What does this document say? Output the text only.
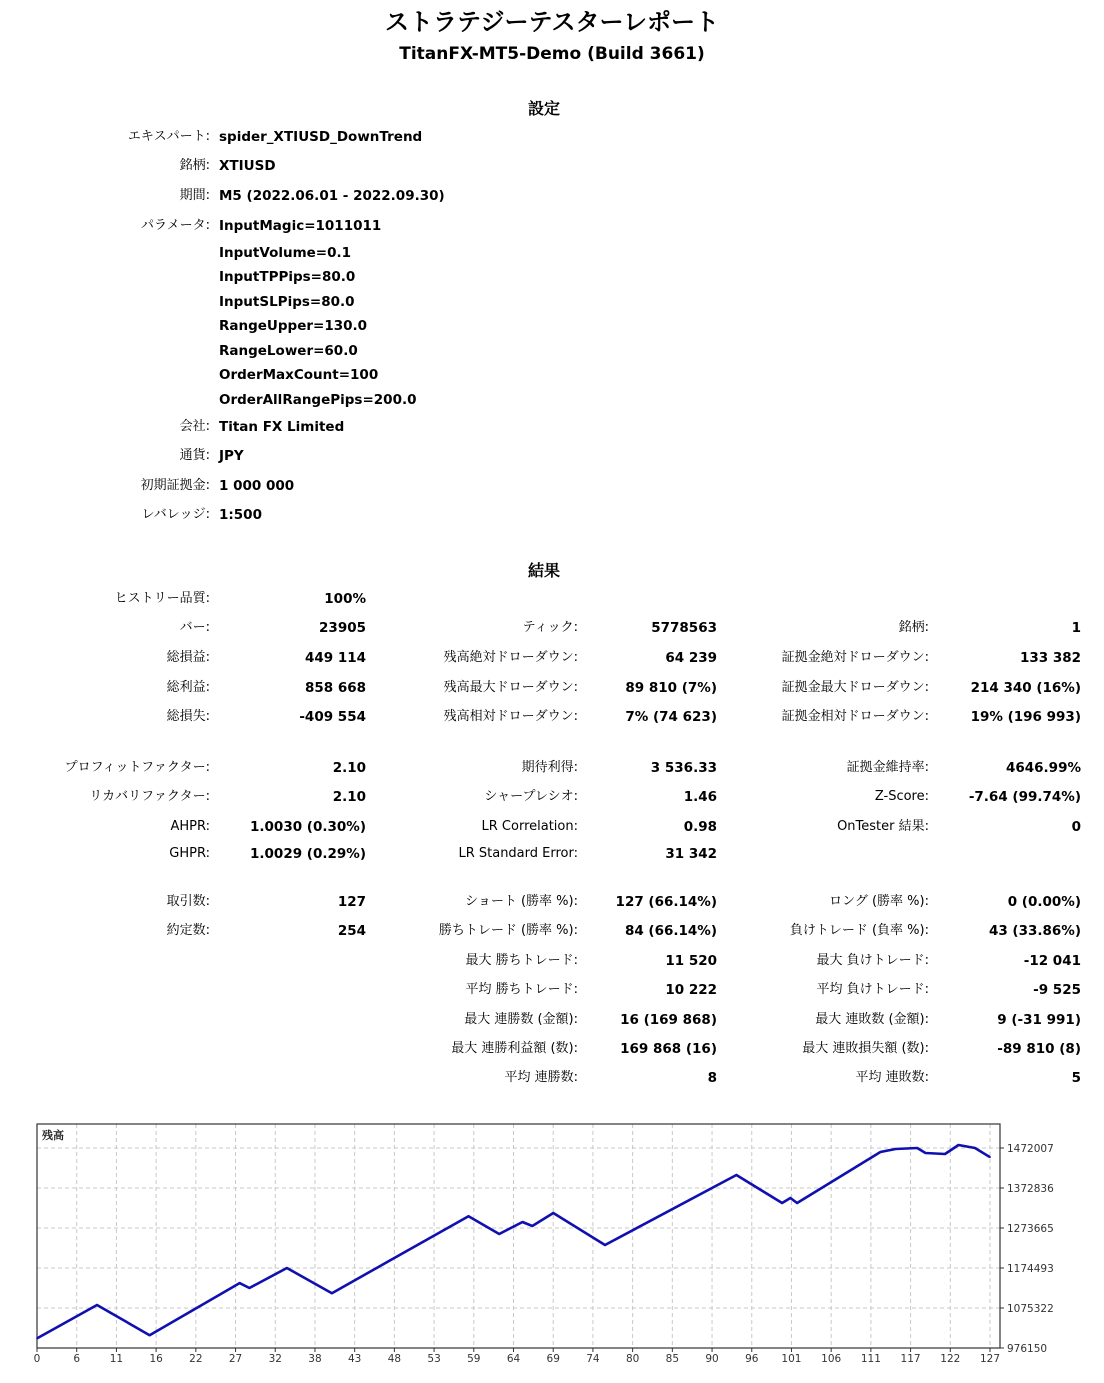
ストラテジーテスターレポート
TitanFX-MT5-Demo (Build 3661)
設定
エキスパート: spider_XTIUSD_DownTrend
銘柄: XTIUSD
期間: M5 (2022.06.01 - 2022.09.30)
パラメータ: InputMagic=1011011
InputVolume=0.1
InputTPPips=80.0
InputSLPips=80.0
RangeUpper=130.0
RangeLower=60.0
OrderMaxCount=100
OrderAllRangePips=200.0
会社: Titan FX Limited
通貨: JPY
初期証拠金: 1 000 000
レバレッジ: 1:500
結果
ヒストリー品質:	100%
バー:	23905	ティック:	5778563	銘柄:	1
総損益:	449 114	残高絶対ドローダウン:	64 239	証拠金絶対ドローダウン:	133 382
総利益:	858 668	残高最大ドローダウン:	89 810 (7%)	証拠金最大ドローダウン:	214 340 (16%)
総損失:	-409 554	残高相対ドローダウン:	7% (74 623)	証拠金相対ドローダウン:	19% (196 993)
プロフィットファクター:	2.10	期待利得:	3 536.33	証拠金維持率:	4646.99%
リカバリファクター:	2.10	シャープレシオ:	1.46	Z-Score:	-7.64 (99.74%)
AHPR:	1.0030 (0.30%)	LR Correlation:	0.98	OnTester 結果:	0
GHPR:	1.0029 (0.29%)	LR Standard Error:	31 342
取引数:	127	ショート (勝率 %):	127 (66.14%)	ロング (勝率 %):	0 (0.00%)
約定数:	254	勝ちトレード (勝率 %):	84 (66.14%)	負けトレード (負率 %):	43 (33.86%)
最大 勝ちトレード:	11 520	最大 負けトレード:	-12 041
平均 勝ちトレード:	10 222	平均 負けトレード:	-9 525
最大 連勝数 (金額):	16 (169 868)	最大 連敗数 (金額):	9 (-31 991)
最大 連勝利益額 (数):	169 868 (16)	最大 連敗損失額 (数):	-89 810 (8)
平均 連勝数:	8	平均 連敗数:	5
0	6	11	16	22	27	32	38	43	48	53	59	64	69	74	80	85	90	96 101 106 111 117 122 127
976150
1075322
1174493
1273665
1372836
1472007
残高
